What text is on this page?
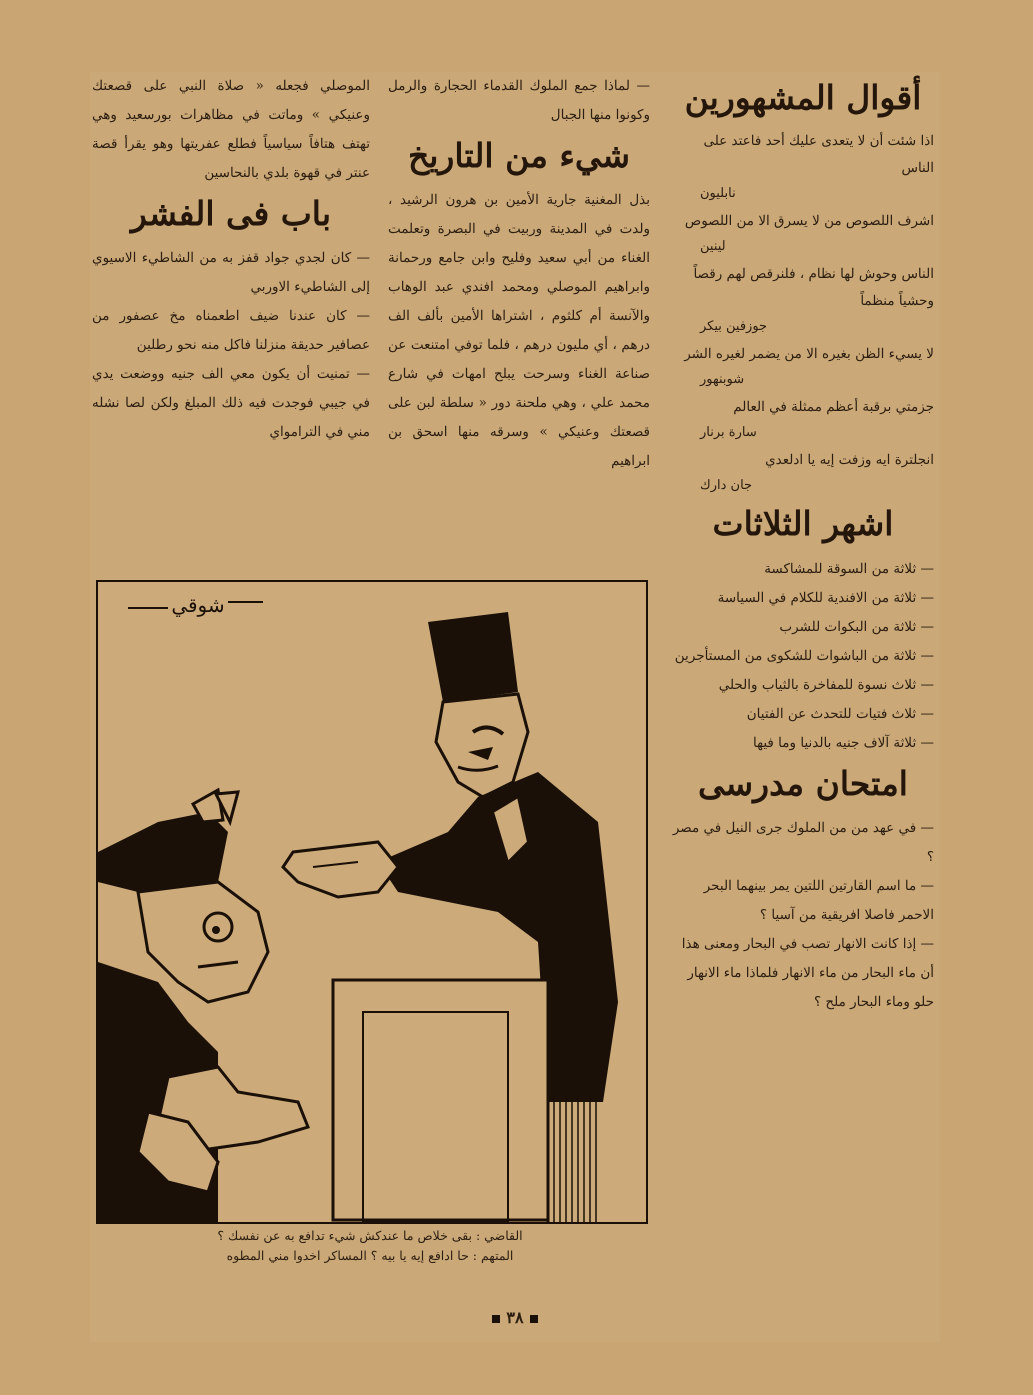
أقوال المشهورين

اذا شئت أن لا يتعدى عليك أحد فاعتد على الناس

نابليون

اشرف اللصوص من لا يسرق الا من اللصوص

لينين

الناس وحوش لها نظام ، فلنرقص لهم رقصاً وحشياً منظماً

جوزفين بيكر

لا يسيء الظن بغيره الا من يضمر لغيره الشر

شوبنهور

جزمتي برقبة أعظم ممثلة في العالم

سارة برنار

انجلترة ايه وزفت إيه يا ادلعدي

جان دارك

اشهر الثلاثات

— ثلاثة من السوقة للمشاكسة

— ثلاثة من الافندية للكلام في السياسة

— ثلاثة من البكوات للشرب

— ثلاثة من الباشوات للشكوى من المستأجرين

— ثلاث نسوة للمفاخرة بالثياب والحلي

— ثلاث فتيات للتحدث عن الفتيان

— ثلاثة آلاف جنيه بالدنيا وما فيها

امتحان مدرسى

— في عهد من من الملوك جرى النيل في مصر ؟

— ما اسم القارتين اللتين يمر بينهما البحر الاحمر فاصلا افريقية من آسيا ؟

— إذا كانت الانهار تصب في البحار ومعنى هذا أن ماء البحار من ماء الانهار فلماذا ماء الانهار حلو وماء البحار ملح ؟

— لماذا جمع الملوك القدماء الحجارة والرمل وكونوا منها الجبال

شيء من التاريخ

بذل المغنية جارية الأمين بن هرون الرشيد ، ولدت في المدينة وربيت في البصرة وتعلمت الغناء من أبي سعيد وفليح وابن جامع ورحمانة وابراهيم الموصلي ومحمد افندي عبد الوهاب والآنسة أم كلثوم ، اشتراها الأمين بألف الف درهم ، أي مليون درهم ، فلما توفي امتنعت عن صناعة الغناء وسرحت يبلح امهات في شارع محمد علي ، وهي ملحنة دور « سلطة لبن على قصعتك وعنيكي » وسرقه منها اسحق بن ابراهيم

الموصلي فجعله « صلاة النبي على قصعتك وعنيكي » وماتت في مظاهرات بورسعيد وهي تهتف هتافاً سياسياً فطلع عفريتها وهو يقرأ قصة عنتر في قهوة بلدي بالنحاسين

باب فى الفشر

— كان لجدي جواد قفز به من الشاطيء الاسيوي إلى الشاطيء الاوربي

— كان عندنا ضيف اطعمناه مخ عصفور من عصافير حديقة منزلنا فاكل منه نحو رطلين

— تمنيت أن يكون معي الف جنيه ووضعت يدي في جيبي فوجدت فيه ذلك المبلغ ولكن لصا نشله مني في الترامواي

شوقي
القاضي : بقى خلاص ما عندكش شيء تدافع به عن نفسك ؟
المتهم : حا ادافع إيه يا بيه ؟ المساكر اخدوا مني المطوه
٣٨
